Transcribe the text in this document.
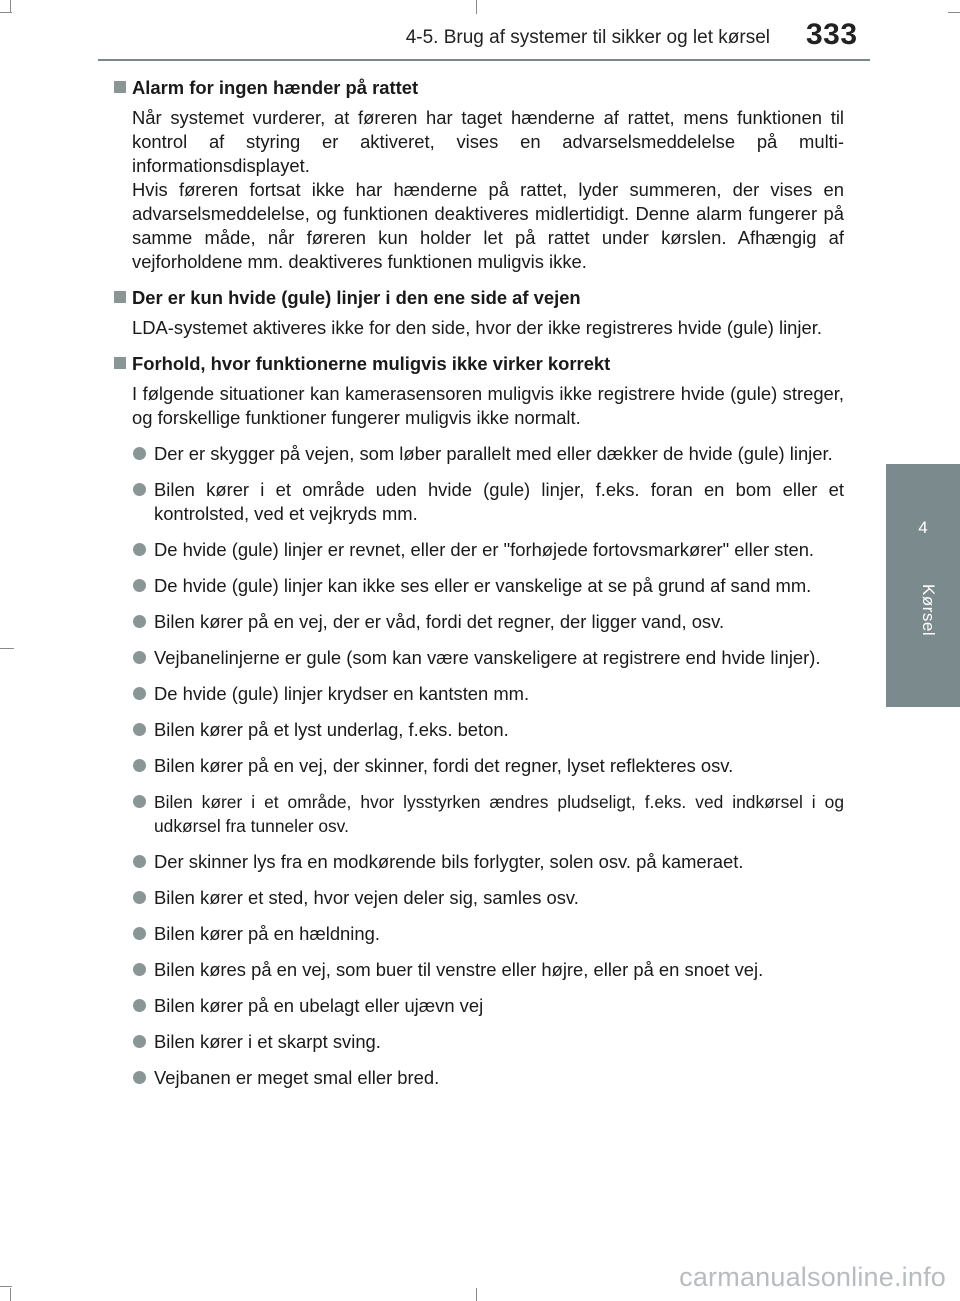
4-5. Brug af systemer til sikker og let kørsel 333
4
Kørsel
Alarm for ingen hænder på rattet

Når systemet vurderer, at føreren har taget hænderne af rattet, mens funktionen til kontrol af styring er aktiveret, vises en advarselsmeddelelse på multiinformationsdisplayet.

Hvis føreren fortsat ikke har hænderne på rattet, lyder summeren, der vises en advarselsmeddelelse, og funktionen deaktiveres midlertidigt. Denne alarm fungerer på samme måde, når føreren kun holder let på rattet under kørslen. Afhængig af vejforholdene mm. deaktiveres funktionen muligvis ikke.

Der er kun hvide (gule) linjer i den ene side af vejen

LDA-systemet aktiveres ikke for den side, hvor der ikke registreres hvide (gule) linjer.

Forhold, hvor funktionerne muligvis ikke virker korrekt

I følgende situationer kan kamerasensoren muligvis ikke registrere hvide (gule) streger, og forskellige funktioner fungerer muligvis ikke normalt.

Der er skygger på vejen, som løber parallelt med eller dækker de hvide (gule) linjer.
Bilen kører i et område uden hvide (gule) linjer, f.eks. foran en bom eller et kontrolsted, ved et vejkryds mm.
De hvide (gule) linjer er revnet, eller der er "forhøjede fortovsmarkører" eller sten.
De hvide (gule) linjer kan ikke ses eller er vanskelige at se på grund af sand mm.
Bilen kører på en vej, der er våd, fordi det regner, der ligger vand, osv.
Vejbanelinjerne er gule (som kan være vanskeligere at registrere end hvide linjer).
De hvide (gule) linjer krydser en kantsten mm.
Bilen kører på et lyst underlag, f.eks. beton.
Bilen kører på en vej, der skinner, fordi det regner, lyset reflekteres osv.
Bilen kører i et område, hvor lysstyrken ændres pludseligt, f.eks. ved indkørsel i og udkørsel fra tunneler osv.
Der skinner lys fra en modkørende bils forlygter, solen osv. på kameraet.
Bilen kører et sted, hvor vejen deler sig, samles osv.
Bilen kører på en hældning.
Bilen køres på en vej, som buer til venstre eller højre, eller på en snoet vej.
Bilen kører på en ubelagt eller ujævn vej
Bilen kører i et skarpt sving.
Vejbanen er meget smal eller bred.
carmanualsonline.info
